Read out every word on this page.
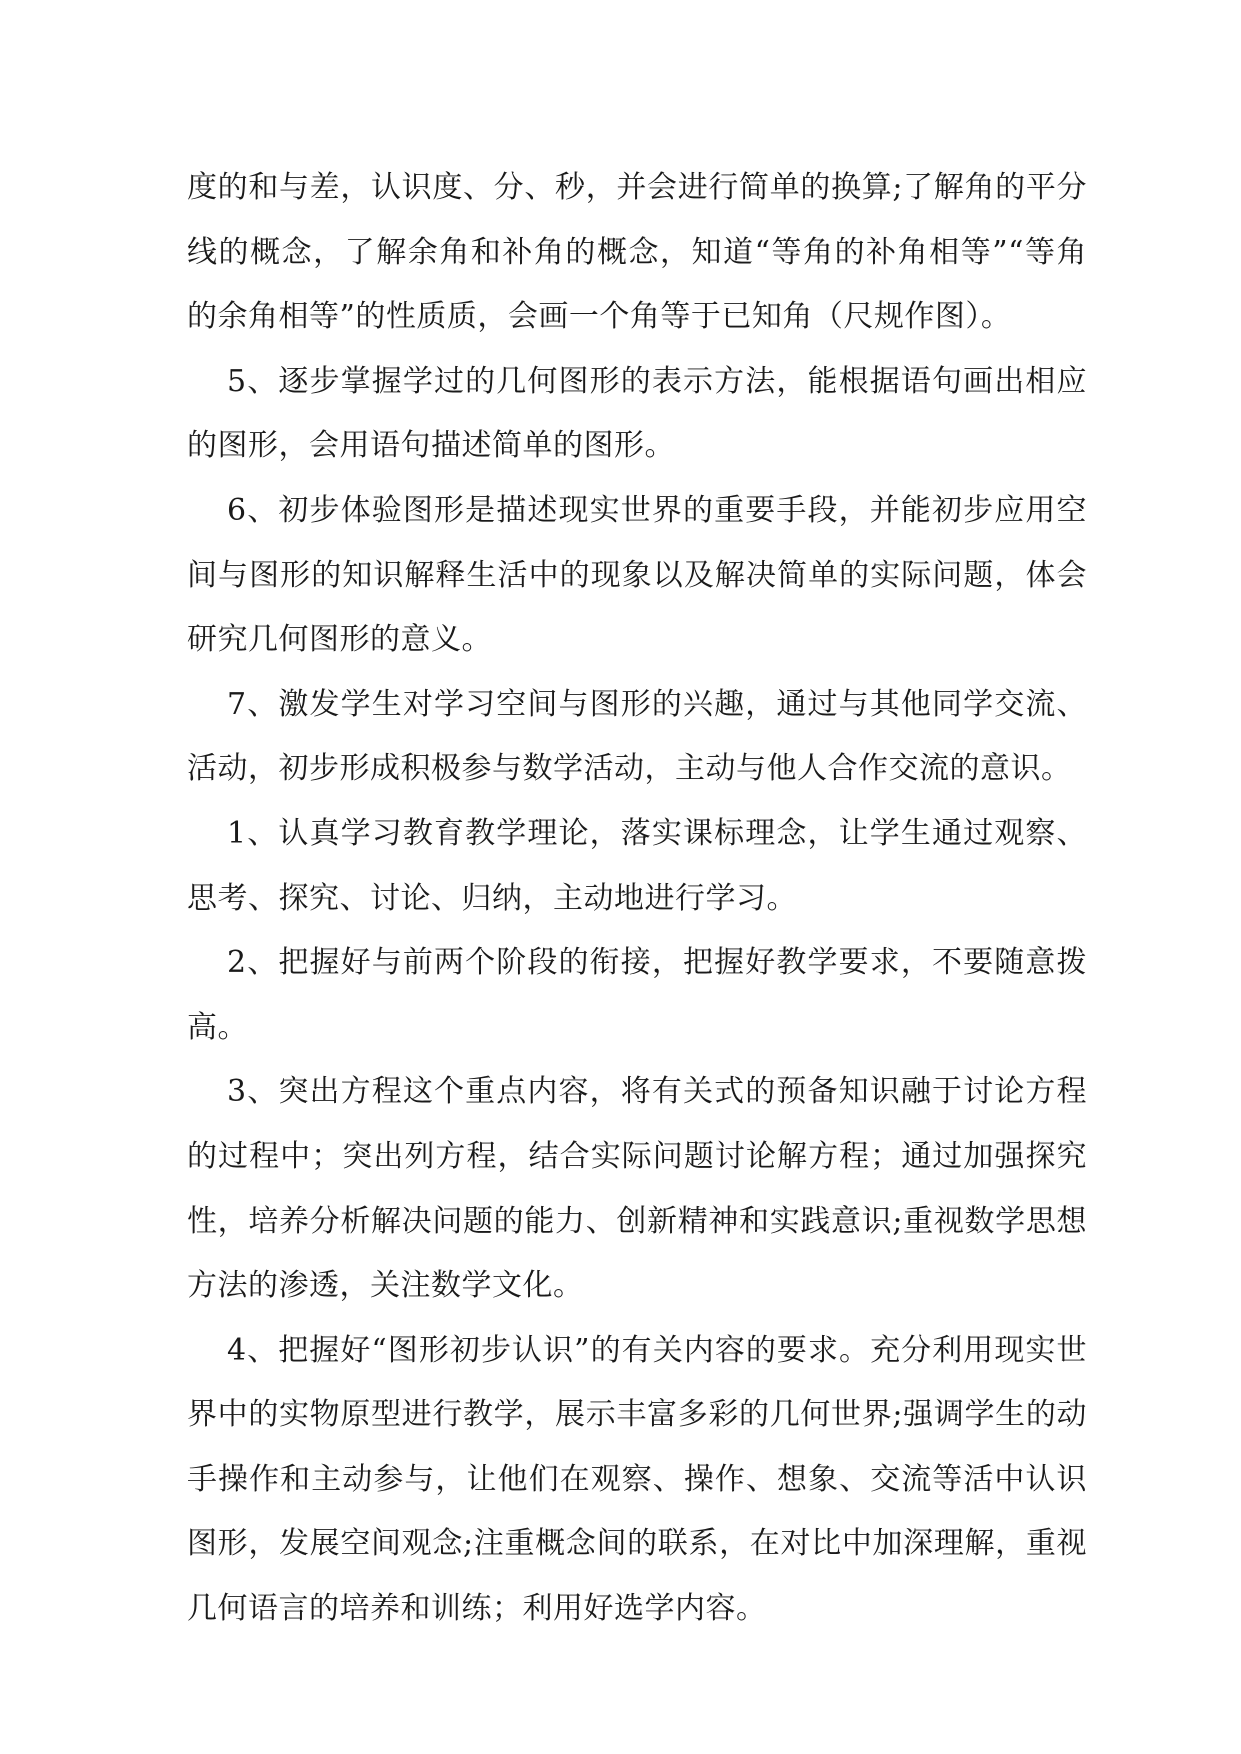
度的和与差，认识度、分、秒，并会进行简单的换算;了解角的平分线的概念，了解余角和补角的概念，知道“等角的补角相等”“等角的余角相等”的性质质，会画一个角等于已知角（尺规作图）。

5、逐步掌握学过的几何图形的表示方法，能根据语句画出相应的图形，会用语句描述简单的图形。

6、初步体验图形是描述现实世界的重要手段，并能初步应用空间与图形的知识解释生活中的现象以及解决简单的实际问题，体会研究几何图形的意义。

7、激发学生对学习空间与图形的兴趣，通过与其他同学交流、活动，初步形成积极参与数学活动，主动与他人合作交流的意识。

1、认真学习教育教学理论，落实课标理念，让学生通过观察、思考、探究、讨论、归纳，主动地进行学习。

2、把握好与前两个阶段的衔接，把握好教学要求，不要随意拨高。

3、突出方程这个重点内容，将有关式的预备知识融于讨论方程的过程中；突出列方程，结合实际问题讨论解方程；通过加强探究性，培养分析解决问题的能力、创新精神和实践意识;重视数学思想方法的渗透，关注数学文化。

4、把握好“图形初步认识”的有关内容的要求。充分利用现实世界中的实物原型进行教学，展示丰富多彩的几何世界;强调学生的动手操作和主动参与，让他们在观察、操作、想象、交流等活中认识图形，发展空间观念;注重概念间的联系，在对比中加深理解，重视几何语言的培养和训练；利用好选学内容。
